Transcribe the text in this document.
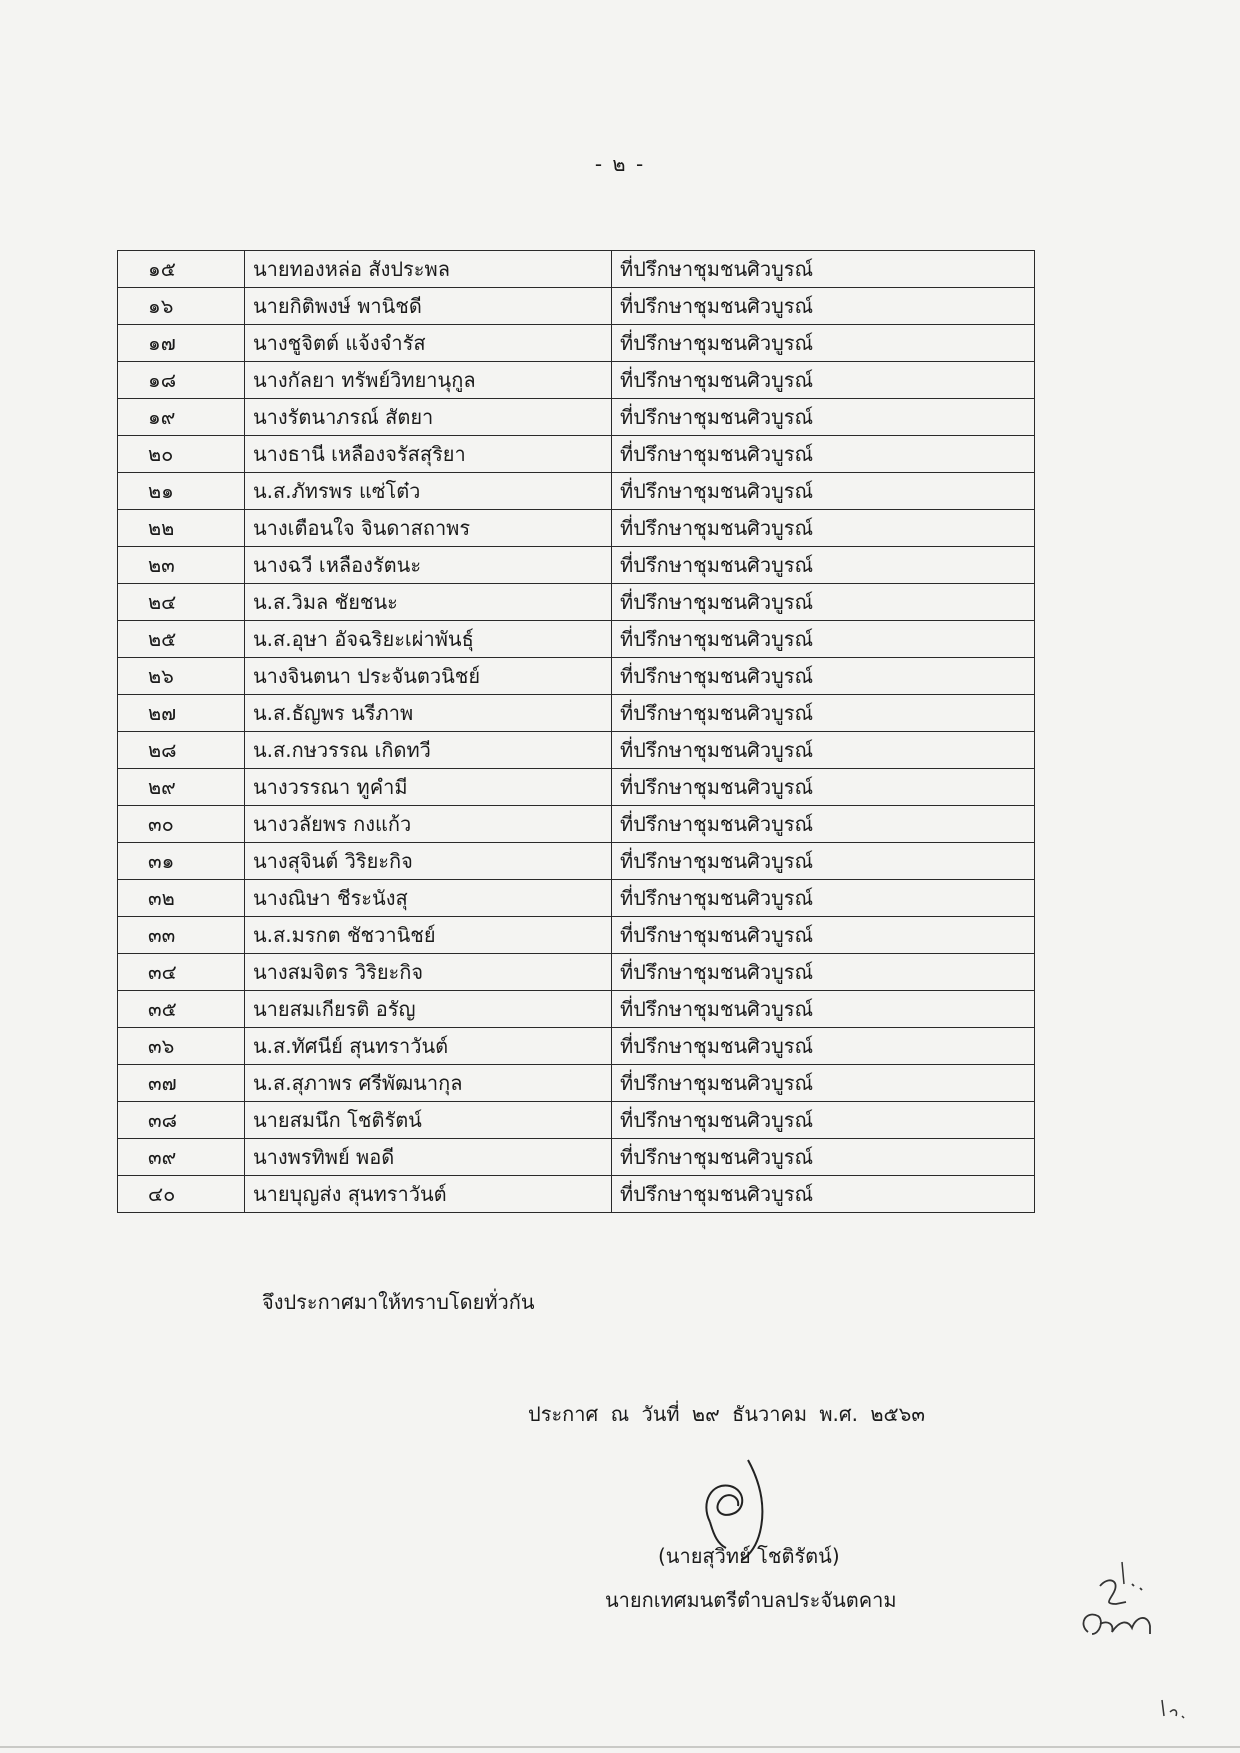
- ๒ -
๑๕	นายทองหล่อ สังประพล	ที่ปรึกษาชุมชนศิวบูรณ์
๑๖	นายกิติพงษ์ พานิชดี	ที่ปรึกษาชุมชนศิวบูรณ์
๑๗	นางชูจิตต์ แจ้งจำรัส	ที่ปรึกษาชุมชนศิวบูรณ์
๑๘	นางกัลยา ทรัพย์วิทยานุกูล	ที่ปรึกษาชุมชนศิวบูรณ์
๑๙	นางรัตนาภรณ์ สัตยา	ที่ปรึกษาชุมชนศิวบูรณ์
๒๐	นางธานี เหลืองจรัสสุริยา	ที่ปรึกษาชุมชนศิวบูรณ์
๒๑	น.ส.ภัทรพร แซ่โต๋ว	ที่ปรึกษาชุมชนศิวบูรณ์
๒๒	นางเตือนใจ จินดาสถาพร	ที่ปรึกษาชุมชนศิวบูรณ์
๒๓	นางฉวี เหลืองรัตนะ	ที่ปรึกษาชุมชนศิวบูรณ์
๒๔	น.ส.วิมล ชัยชนะ	ที่ปรึกษาชุมชนศิวบูรณ์
๒๕	น.ส.อุษา อัจฉริยะเผ่าพันธุ์	ที่ปรึกษาชุมชนศิวบูรณ์
๒๖	นางจินตนา ประจันตวนิชย์	ที่ปรึกษาชุมชนศิวบูรณ์
๒๗	น.ส.ธัญพร นรีภาพ	ที่ปรึกษาชุมชนศิวบูรณ์
๒๘	น.ส.กษวรรณ เกิดทวี	ที่ปรึกษาชุมชนศิวบูรณ์
๒๙	นางวรรณา ทูคำมี	ที่ปรึกษาชุมชนศิวบูรณ์
๓๐	นางวลัยพร กงแก้ว	ที่ปรึกษาชุมชนศิวบูรณ์
๓๑	นางสุจินต์ วิริยะกิจ	ที่ปรึกษาชุมชนศิวบูรณ์
๓๒	นางณิษา ชีระนังสุ	ที่ปรึกษาชุมชนศิวบูรณ์
๓๓	น.ส.มรกต ชัชวานิชย์	ที่ปรึกษาชุมชนศิวบูรณ์
๓๔	นางสมจิตร วิริยะกิจ	ที่ปรึกษาชุมชนศิวบูรณ์
๓๕	นายสมเกียรติ อรัญ	ที่ปรึกษาชุมชนศิวบูรณ์
๓๖	น.ส.ทัศนีย์ สุนทราวันต์	ที่ปรึกษาชุมชนศิวบูรณ์
๓๗	น.ส.สุภาพร ศรีพัฒนากุล	ที่ปรึกษาชุมชนศิวบูรณ์
๓๘	นายสมนึก โชติรัตน์	ที่ปรึกษาชุมชนศิวบูรณ์
๓๙	นางพรทิพย์ พอดี	ที่ปรึกษาชุมชนศิวบูรณ์
๔๐	นายบุญส่ง สุนทราวันต์	ที่ปรึกษาชุมชนศิวบูรณ์
จึงประกาศมาให้ทราบโดยทั่วกัน
ประกาศ ณ วันที่ ๒๙ ธันวาคม พ.ศ. ๒๕๖๓
(นายสุวิทย์ โชติรัตน์)
นายกเทศมนตรีตำบลประจันตคาม
